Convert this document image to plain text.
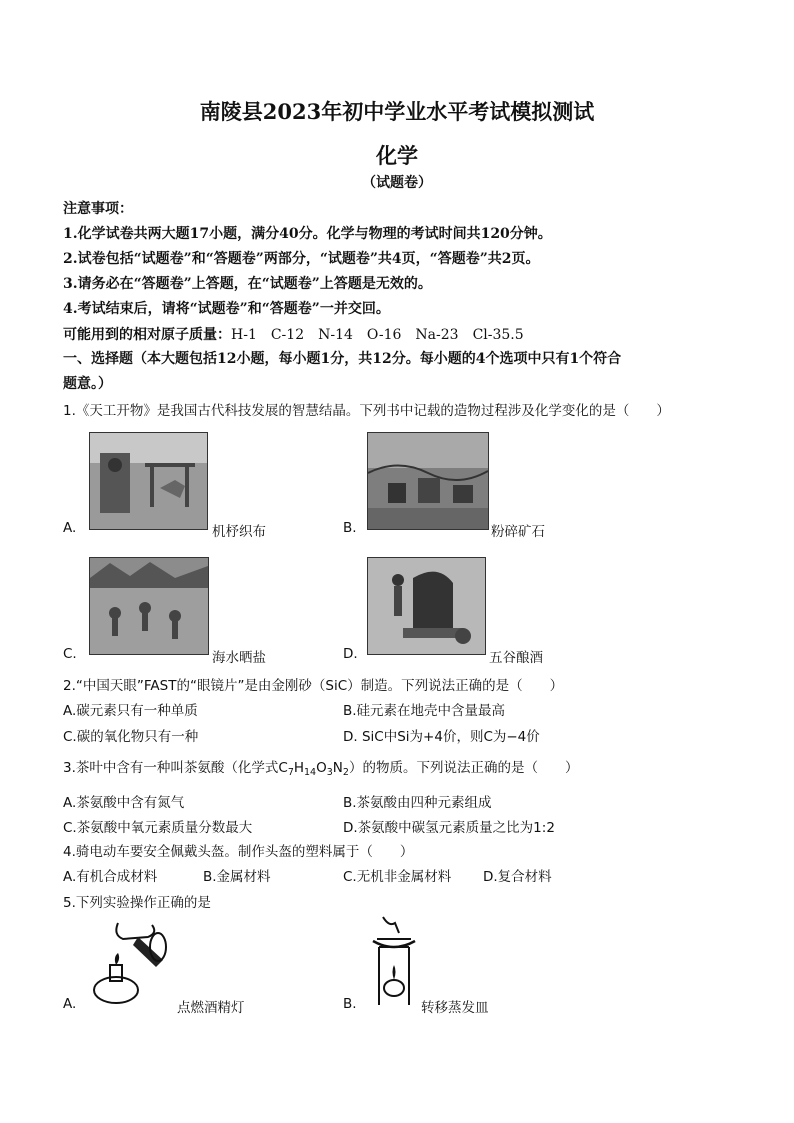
南陵县2023年初中学业水平考试模拟测试
化学
（试题卷）
注意事项：
1.化学试卷共两大题17小题，满分40分。化学与物理的考试时间共120分钟。
2.试卷包括“试题卷”和“答题卷”两部分，“试题卷”共4页，“答题卷”共2页。
3.请务必在“答题卷”上答题，在“试题卷”上答题是无效的。
4.考试结束后，请将“试题卷”和“答题卷”一并交回。
可能用到的相对原子质量：H-1　C-12　N-14　O-16　Na-23　Cl-35.5
一、选择题（本大题包括12小题，每小题1分，共12分。每小题的4个选项中只有1个符合
题意。）
1.《天工开物》是我国古代科技发展的智慧结晶。下列书中记载的造物过程涉及化学变化的是（　　）
A.	机杼织布	B.	粉碎矿石
C.	海水晒盐	D.	五谷酿酒
2.“中国天眼”FAST的“眼镜片”是由金刚砂（SiC）制造。下列说法正确的是（　　）
A.碳元素只有一种单质	B.硅元素在地壳中含量最高
C.碳的氧化物只有一种	D. SiC中Si为+4价，则C为−4价
3.茶叶中含有一种叫茶氨酸（化学式$C_7H_{14}O_3N_2$）的物质。下列说法正确的是（　　）
A.茶氨酸中含有氮气	B.茶氨酸由四种元素组成
C.茶氨酸中氧元素质量分数最大	D.茶氨酸中碳氢元素质量之比为1:2
4.骑电动车要安全佩戴头盔。制作头盔的塑料属于（　　）
A.有机合成材料	B.金属材料	C.无机非金属材料 D.复合材料
5.下列实验操作正确的是
A.	点燃酒精灯	B.	转移蒸发皿
